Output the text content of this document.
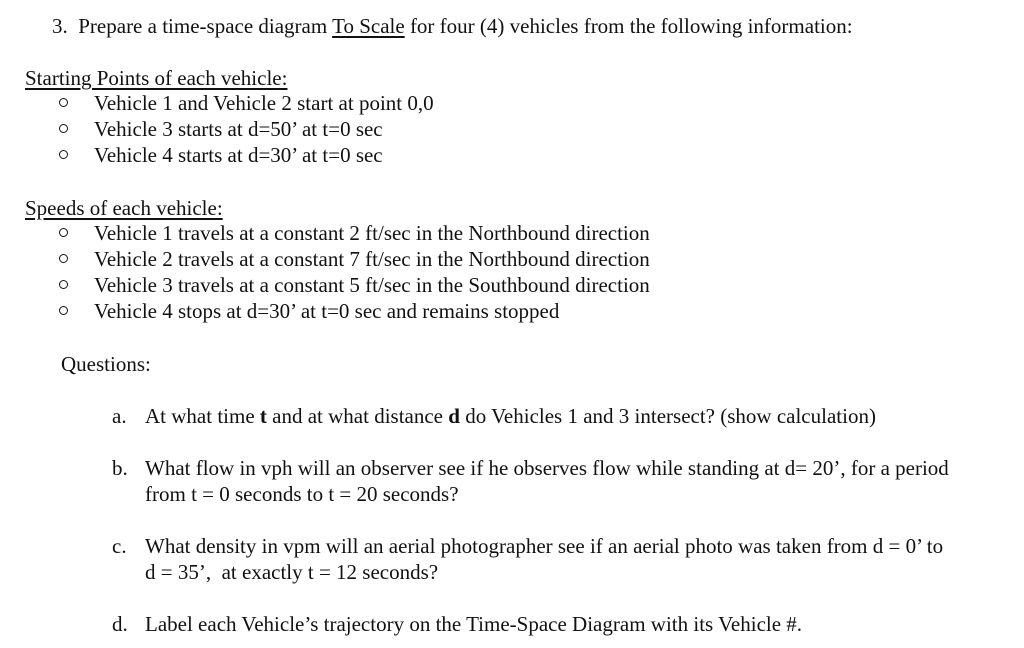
3. Prepare a time-space diagram To Scale for four (4) vehicles from the following information:
Starting Points of each vehicle:
Vehicle 1 and Vehicle 2 start at point 0,0
Vehicle 3 starts at d=50’ at t=0 sec
Vehicle 4 starts at d=30’ at t=0 sec
Speeds of each vehicle:
Vehicle 1 travels at a constant 2 ft/sec in the Northbound direction
Vehicle 2 travels at a constant 7 ft/sec in the Northbound direction
Vehicle 3 travels at a constant 5 ft/sec in the Southbound direction
Vehicle 4 stops at d=30’ at t=0 sec and remains stopped
Questions:
a. At what time t and at what distance d do Vehicles 1 and 3 intersect? (show calculation)
b. What flow in vph will an observer see if he observes flow while standing at d= 20’, for a period
from t = 0 seconds to t = 20 seconds?
c. What density in vpm will an aerial photographer see if an aerial photo was taken from d = 0’ to
d = 35’,  at exactly t = 12 seconds?
d. Label each Vehicle’s trajectory on the Time-Space Diagram with its Vehicle #.
